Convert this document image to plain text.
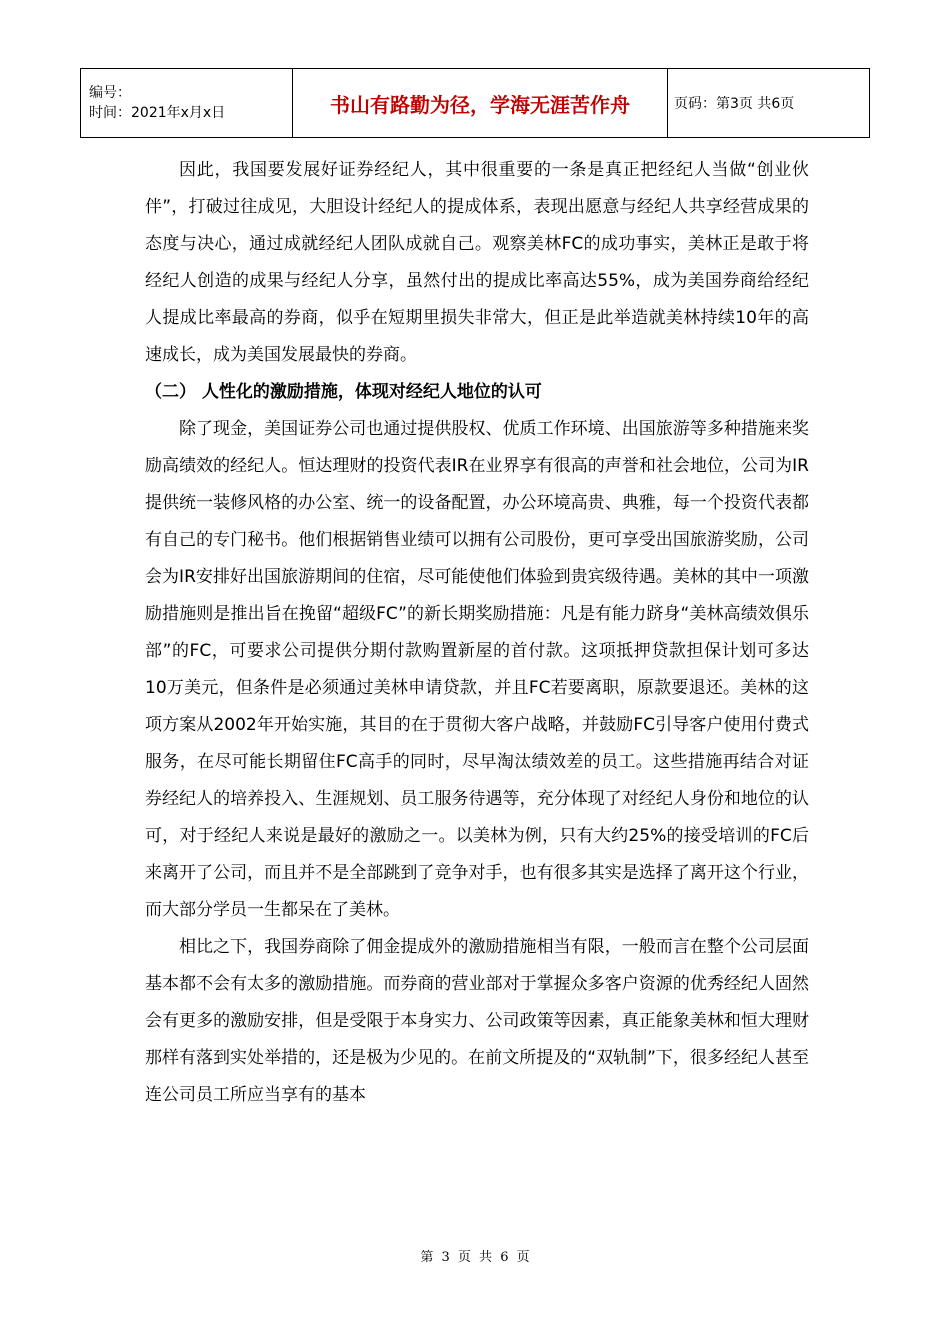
编号：
时间：2021年x月x日	书山有路勤为径，学海无涯苦作舟	页码：第3页 共6页

因此，我国要发展好证券经纪人，其中很重要的一条是真正把经纪人当做“创业伙伴”，打破过往成见，大胆设计经纪人的提成体系，表现出愿意与经纪人共享经营成果的态度与决心，通过成就经纪人团队成就自己。观察美林FC的成功事实，美林正是敢于将经纪人创造的成果与经纪人分享，虽然付出的提成比率高达55%，成为美国券商给经纪人提成比率最高的券商，似乎在短期里损失非常大，但正是此举造就美林持续10年的高速成长，成为美国发展最快的券商。

（二） 人性化的激励措施，体现对经纪人地位的认可

除了现金，美国证券公司也通过提供股权、优质工作环境、出国旅游等多种措施来奖励高绩效的经纪人。恒达理财的投资代表IR在业界享有很高的声誉和社会地位，公司为IR提供统一装修风格的办公室、统一的设备配置，办公环境高贵、典雅，每一个投资代表都有自己的专门秘书。他们根据销售业绩可以拥有公司股份，更可享受出国旅游奖励，公司会为IR安排好出国旅游期间的住宿，尽可能使他们体验到贵宾级待遇。美林的其中一项激励措施则是推出旨在挽留“超级FC”的新长期奖励措施：凡是有能力跻身“美林高绩效俱乐部”的FC，可要求公司提供分期付款购置新屋的首付款。这项抵押贷款担保计划可多达10万美元，但条件是必须通过美林申请贷款，并且FC若要离职，原款要退还。美林的这项方案从2002年开始实施，其目的在于贯彻大客户战略，并鼓励FC引导客户使用付费式服务，在尽可能长期留住FC高手的同时，尽早淘汰绩效差的员工。这些措施再结合对证券经纪人的培养投入、生涯规划、员工服务待遇等，充分体现了对经纪人身份和地位的认可，对于经纪人来说是最好的激励之一。以美林为例，只有大约25%的接受培训的FC后来离开了公司，而且并不是全部跳到了竞争对手，也有很多其实是选择了离开这个行业，而大部分学员一生都呆在了美林。

相比之下，我国券商除了佣金提成外的激励措施相当有限，一般而言在整个公司层面基本都不会有太多的激励措施。而券商的营业部对于掌握众多客户资源的优秀经纪人固然会有更多的激励安排，但是受限于本身实力、公司政策等因素，真正能象美林和恒大理财那样有落到实处举措的，还是极为少见的。在前文所提及的“双轨制”下，很多经纪人甚至连公司员工所应当享有的基本

第 3 页 共 6 页
